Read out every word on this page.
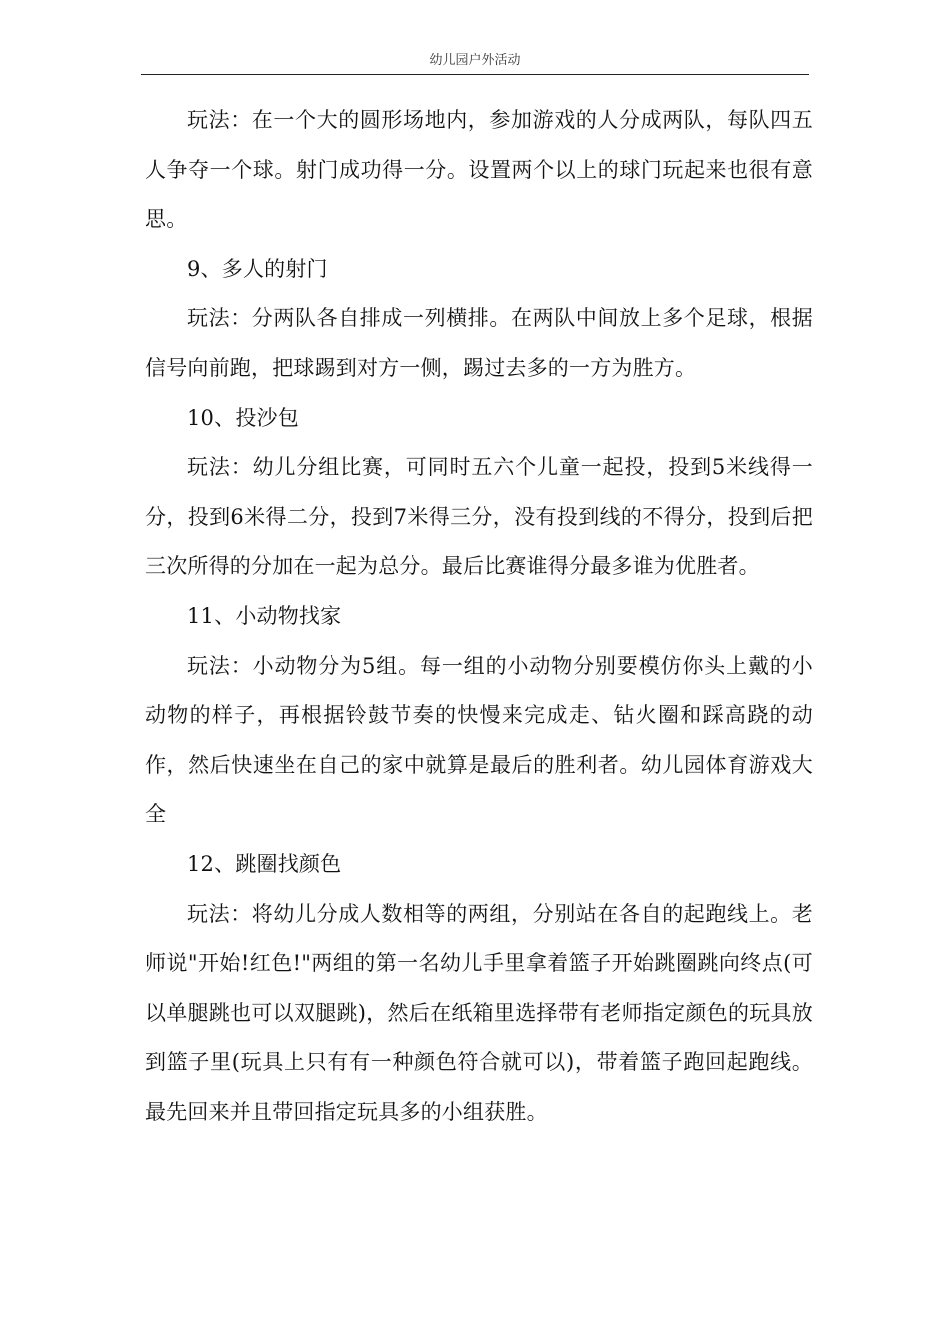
幼儿园户外活动

玩法：在一个大的圆形场地内，参加游戏的人分成两队，每队四五人争夺一个球。射门成功得一分。设置两个以上的球门玩起来也很有意思。

9、多人的射门

玩法：分两队各自排成一列横排。在两队中间放上多个足球，根据信号向前跑，把球踢到对方一侧，踢过去多的一方为胜方。

10、投沙包

玩法：幼儿分组比赛，可同时五六个儿童一起投，投到5米线得一分，投到6米得二分，投到7米得三分，没有投到线的不得分，投到后把三次所得的分加在一起为总分。最后比赛谁得分最多谁为优胜者。

11、小动物找家

玩法：小动物分为5组。每一组的小动物分别要模仿你头上戴的小动物的样子，再根据铃鼓节奏的快慢来完成走、钻火圈和踩高跷的动作，然后快速坐在自己的家中就算是最后的胜利者。幼儿园体育游戏大全

12、跳圈找颜色

玩法：将幼儿分成人数相等的两组，分别站在各自的起跑线上。老师说"开始!红色!"两组的第一名幼儿手里拿着篮子开始跳圈跳向终点(可以单腿跳也可以双腿跳)，然后在纸箱里选择带有老师指定颜色的玩具放到篮子里(玩具上只有有一种颜色符合就可以)，带着篮子跑回起跑线。最先回来并且带回指定玩具多的小组获胜。
